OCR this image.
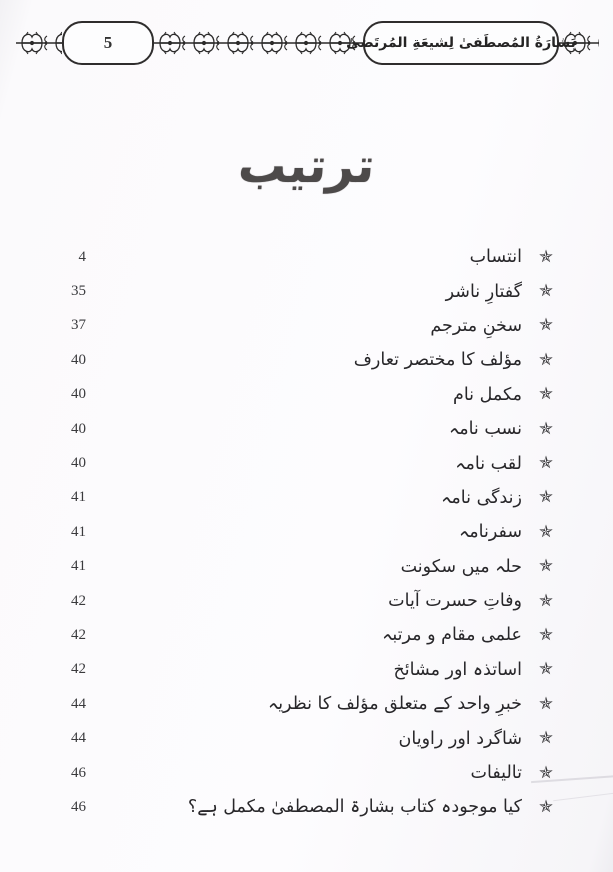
5	بَشارَةُ المُصطَفىٰ لِشیعَةِ المُرتَضىٰ
ترتیب
4	انتساب ✯
35	گفتارِ ناشر ✯
37	سخنِ مترجم ✯
40	مؤلف کا مختصر تعارف ✯
40	مکمل نام ✯
40	نسب نامہ ✯
40	لقب نامہ ✯
41	زندگی نامہ ✯
41	سفرنامہ ✯
41	حلہ میں سکونت ✯
42	وفاتِ حسرت آیات ✯
42	علمی مقام و مرتبہ ✯
42	اساتذہ اور مشائخ ✯
44	خبرِ واحد کے متعلق مؤلف کا نظریہ ✯
44	شاگرد اور راویان ✯
46	تالیفات ✯
46	کیا موجودہ کتاب بشارۃ المصطفیٰ مکمل ہے؟ ✯
